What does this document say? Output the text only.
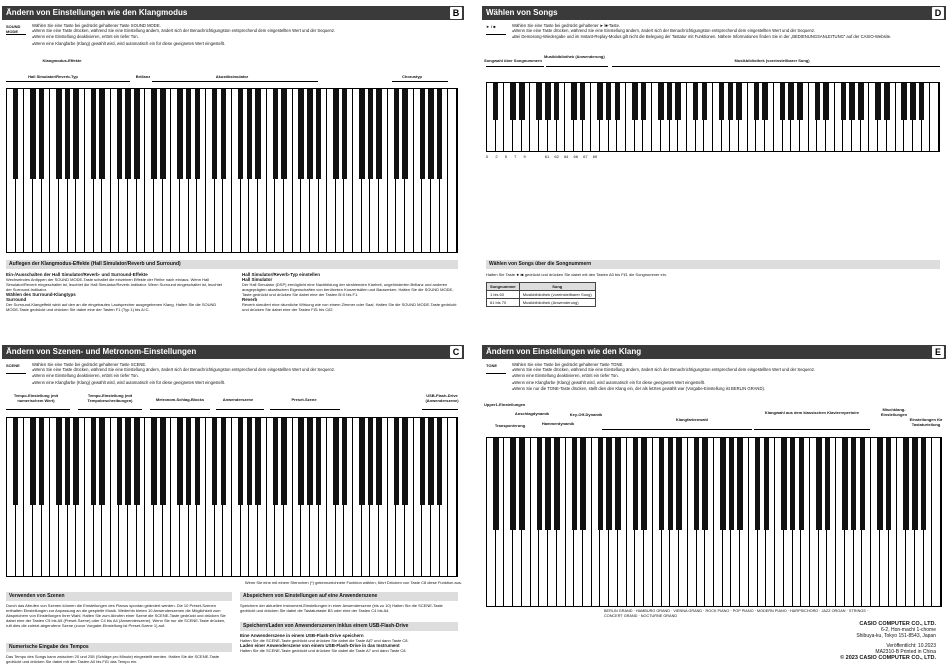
Ändern von Einstellungen wie den Klangmodus	B
SOUND MODE
Wählen Sie eine Taste bei gedrückt gehaltener Taste SOUND MODE.
● Wenn Sie eine Taste drücken, während Sie eine Einstellung ändern, ändert sich der Benachrichtigungston entsprechend dem eingestellten Wert und der Sequenz.
● Wenn eine Einstellung deaktivieren, ertönt ein tiefer Ton.
● Wenn eine Klangfarbe (Klang) gewählt wird, wird automatisch ein für diese geeignetes Wert eingestellt.
Klangmodus-Effekte
Hall Simulator/Reverb-Typ	Brillanz	Akustiksimulator	Chorustyp
Auflegen der Klangmodus-Effekte (Hall Simulator/Reverb und Surround)
Ein-/Ausschalten der Hall Simulator/Reverb- und Surround-Effekte
Wechselndes Antippen der SOUND MODE-Taste schaltet die einzelnen Effekte der Reihe nach ein/aus. Wenn Hall Simulator/Reverb eingeschaltet ist, leuchtet die Hall Simulator/Reverb-Indikator. Wenn Surround eingeschaltet ist, leuchtet der Surround-Indikator.
Wählen des Surround-Klangtyps
Surround
Der Surround-Klangeffekt wirkt auf den an die eingebauten Lautsprecher ausgegebenen Klang. Halten Sie die SOUND MODE-Taste gedrückt und drücken Sie dabei eine der Tasten F1 (Typ 1) bis A♭C.
Hall Simulator/Reverb-Typ einstellen
Hall Simulator
Der Hall Simulator (DSP) ermöglicht eine Nachbildung der strahlenden Klarheit, ungehinderten Brillanz und anderen ausgeprägten akustischen Eigenschaften von berühmten Konzertsälen und Bauwerken. Halten Sie die SOUND MODE-Taste gedrückt und drücken Sie dabei eine der Tasten B♭0 bis F1.
Reverb
Reverb simuliert eine räumliche Wirkung wie von einem Zimmer oder Saal. Halten Sie die SOUND MODE-Taste gedrückt und drücken Sie dabei eine der Tasten F♯1 bis C♯2.
Wählen von Songs	D
► / ■	Wählen Sie eine Taste bei gedrückt gehaltener ►/■-Taste.
● Wenn Sie eine Taste drücken, während Sie eine Einstellung ändern, ändert sich der Benachrichtigungston entsprechend dem eingestellten Wert und der Sequenz.
● Bei Demosong-Wiedergabe und im Instant-Replay-Modus gilt nicht die Belegung der Tastatur mit Funktionen. Nähere Informationen finden Sie in der „BEDIENUNGSANLEITUNG“ auf der CASIO-Website.
Songwahl über Songnummern
Musikbibliothek (Anwenderung)
Musikbibliothek (voreinstellbarer Song)
0 2 5 7 9	61 62 64 66 67 69
Wählen von Songs über die Songnummern
Halten Sie Taste ►/■ gedrückt und drücken Sie dabei mit den Tasten A0 bis F♯1 die Songnummer ein.
Songnummer	Song
1 bis 60	Musikbibliothek (voreinstellbarer Song)
61 bis 70	Musikbibliothek (Anwenderung)
Ändern von Szenen- und Metronom-Einstellungen	C
SCENE	Wählen Sie eine Taste bei gedrückt gehaltener Taste SCENE.
● Wenn Sie eine Taste drücken, während Sie eine Einstellung ändern, ändert sich der Benachrichtigungston entsprechend dem eingestellten Wert und der Sequenz.
● Wenn eine Einstellung deaktivieren, ertönt ein tiefer Ton.
● Wenn eine Klangfarbe (Klang) gewählt wird, wird automatisch ein für diese geeignetes Wert eingestellt.
Tempo-Einstellung (mit numerischem Wert)
Tempo-Einstellung (mit Tempobeschreibungen)	Metronom-Schlag-Blocks	Anwenderszene	Preset-Szene
USB-Flash-Drive (Anwenderszene)
Wenn Sie eine mit einem Sternchen (*) gekennzeichnete Funktion wählen, führt Drücken von Taste C8 diese Funktion aus.
Verwenden von Szenen
Durch das Abrufen von Szenen können die Einstellungen des Pianos spontan geändert werden. Die 10 Preset-Szenen enthalten Einstellungen zur Anpassung an die gespielte Musik. Weiterhin bieten 10 Anwenderszenen die Möglichkeit zum Abspeichern von Einstellungen Ihrer Wahl. Halten Sie zum Abrufen einer Szene die SCENE-Taste gedrückt und drücken Sie dabei eine der Tasten C5 bis A5 (Preset-Szene) oder C4 bis A4 (Anwenderszene). Wenn Sie nur die SCENE-Taste drücken, ruft dies die zuletzt abgerufene Szene (zuvor Vorgabe-Einstellung ist Preset-Szene 1) auf.
Numerische Eingabe des Tempos
Das Tempo des Songs kann zwischen 20 und 255 (Schläge pro Minute) eingestellt werden. Halten Sie die SCENE-Taste gedrückt und drücken Sie dabei mit den Tasten A0 bis F♯1 das Tempo ein.
Abspeichern von Einstellungen auf eine Anwenderszene
Speichern der aktuellen Instrument-Einstellungen in einer Anwenderszene (bis zu 10) Halten Sie die SCENE-Taste gedrückt und drücken Sie dabei die Tastaturtaste B3 oder eine der Tasten C4 bis A4.
Speichern/Laden von Anwenderszenen inklus einem USB-Flash-Drive
Eine Anwenderszene in einem USB-Flash-Drive speichern
Halten Sie die SCENE-Taste gedrückt und drücken Sie dabei die Taste A♯7 und dann Taste C8.
Laden einer Anwenderszene von einem USB-Flash-Drive in das Instrument
Halten Sie die SCENE-Taste gedrückt und drücken Sie dabei die Taste A7 und dann Taste C8.
Ändern von Einstellungen wie den Klang	E
TONE	Wählen Sie eine Taste bei gedrückt gehaltener Taste TONE.
● Wenn Sie eine Taste drücken, während Sie eine Einstellung ändern, ändert sich der Benachrichtigungston entsprechend dem eingestellten Wert und der Sequenz.
● Wenn eine Einstellung deaktivieren, ertönt ein tiefer Ton.
● Wenn eine Klangfarbe (Klang) gewählt wird, wird automatisch ein für diese geeignetes Wert eingestellt.
● Wenn Sie nur die TONE-Taste drücken, stellt dies den Klang ein, der als letztes gewählt war (Vorgabe-Einstellung ist BERLIN GRAND).
Upper1-Einstellungen
Anschlagdynamik
Transponierung	Hammerdynamik
Key-Off-Dynamik
Klangfarbenwahl
Klangwahl aus dem klassischen Klavierrepertoire
Mischklang-Einstellungen
Einstellungen für Tastaturteilung
BERLIN GRAND · HAMBURG GRAND · VIENNA GRAND · ROCK PIANO · POP PIANO · MODERN PIANO · HARPSICHORD · JAZZ ORGAN · STRINGS · CONCERT GRAND · NOCTURNE GRAND
CASIO COMPUTER CO., LTD.
6-2, Hon-machi 1-chome
Shibuya-ku, Tokyo 151-8543, Japan
Veröffentlicht: 10.2023
MA2310-B Printed in China
© 2023 CASIO COMPUTER CO., LTD.
